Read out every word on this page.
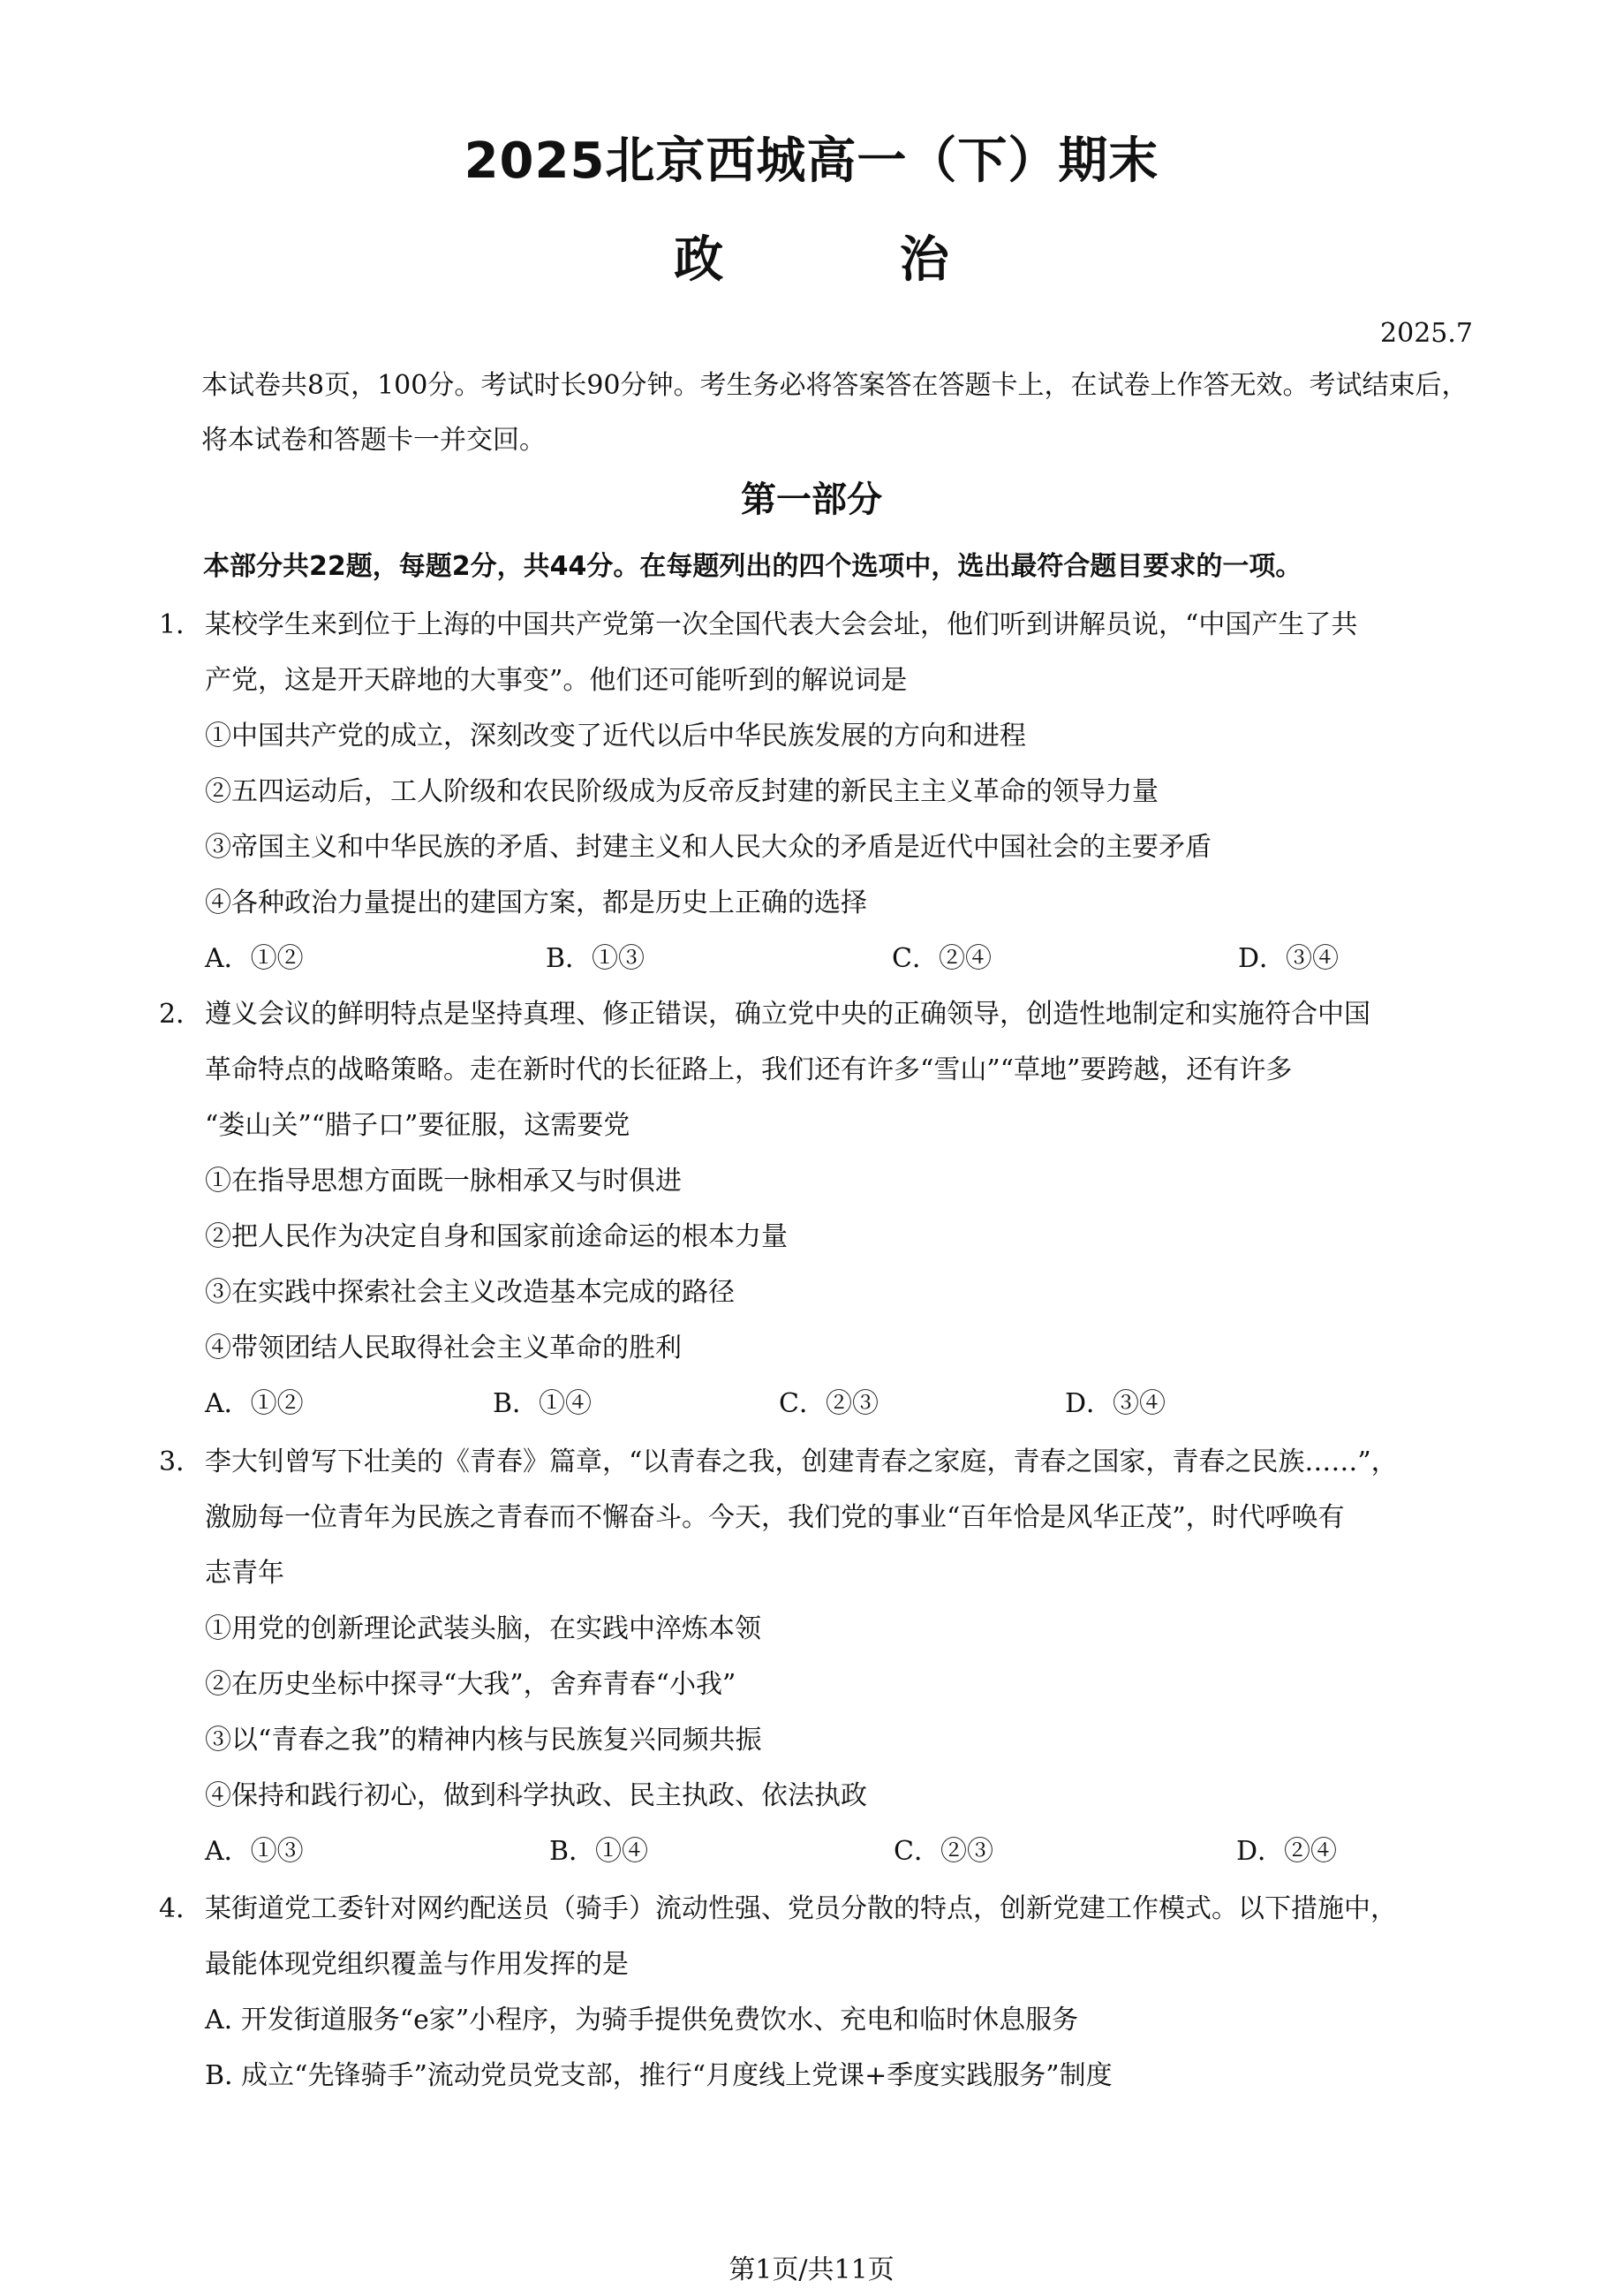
2025北京西城高一（下）期末
政 治
2025.7
本试卷共8页，100分。考试时长90分钟。考生务必将答案答在答题卡上，在试卷上作答无效。考试结束后，将本试卷和答题卡一并交回。
第一部分
本部分共22题，每题2分，共44分。在每题列出的四个选项中，选出最符合题目要求的一项。
1． 某校学生来到位于上海的中国共产党第一次全国代表大会会址，他们听到讲解员说，“中国产生了共
产党，这是开天辟地的大事变”。他们还可能听到的解说词是
①中国共产党的成立，深刻改变了近代以后中华民族发展的方向和进程
②五四运动后，工人阶级和农民阶级成为反帝反封建的新民主主义革命的领导力量
③帝国主义和中华民族的矛盾、封建主义和人民大众的矛盾是近代中国社会的主要矛盾
④各种政治力量提出的建国方案，都是历史上正确的选择
A．①②	B．①③	C．②④	D．③④
2． 遵义会议的鲜明特点是坚持真理、修正错误，确立党中央的正确领导，创造性地制定和实施符合中国
革命特点的战略策略。走在新时代的长征路上，我们还有许多“雪山”“草地”要跨越，还有许多
“娄山关”“腊子口”要征服，这需要党
①在指导思想方面既一脉相承又与时俱进
②把人民作为决定自身和国家前途命运的根本力量
③在实践中探索社会主义改造基本完成的路径
④带领团结人民取得社会主义革命的胜利
A．①②	B．①④	C．②③	D．③④
3． 李大钊曾写下壮美的《青春》篇章，“以青春之我，创建青春之家庭，青春之国家，青春之民族……”，
激励每一位青年为民族之青春而不懈奋斗。今天，我们党的事业“百年恰是风华正茂”，时代呼唤有
志青年
①用党的创新理论武装头脑，在实践中淬炼本领
②在历史坐标中探寻“大我”，舍弃青春“小我”
③以“青春之我”的精神内核与民族复兴同频共振
④保持和践行初心，做到科学执政、民主执政、依法执政
A．①③	B．①④	C．②③	D．②④
4． 某街道党工委针对网约配送员（骑手）流动性强、党员分散的特点，创新党建工作模式。以下措施中，
最能体现党组织覆盖与作用发挥的是
A. 开发街道服务“e家”小程序，为骑手提供免费饮水、充电和临时休息服务
B. 成立“先锋骑手”流动党员党支部，推行“月度线上党课+季度实践服务”制度
第1页/共11页
